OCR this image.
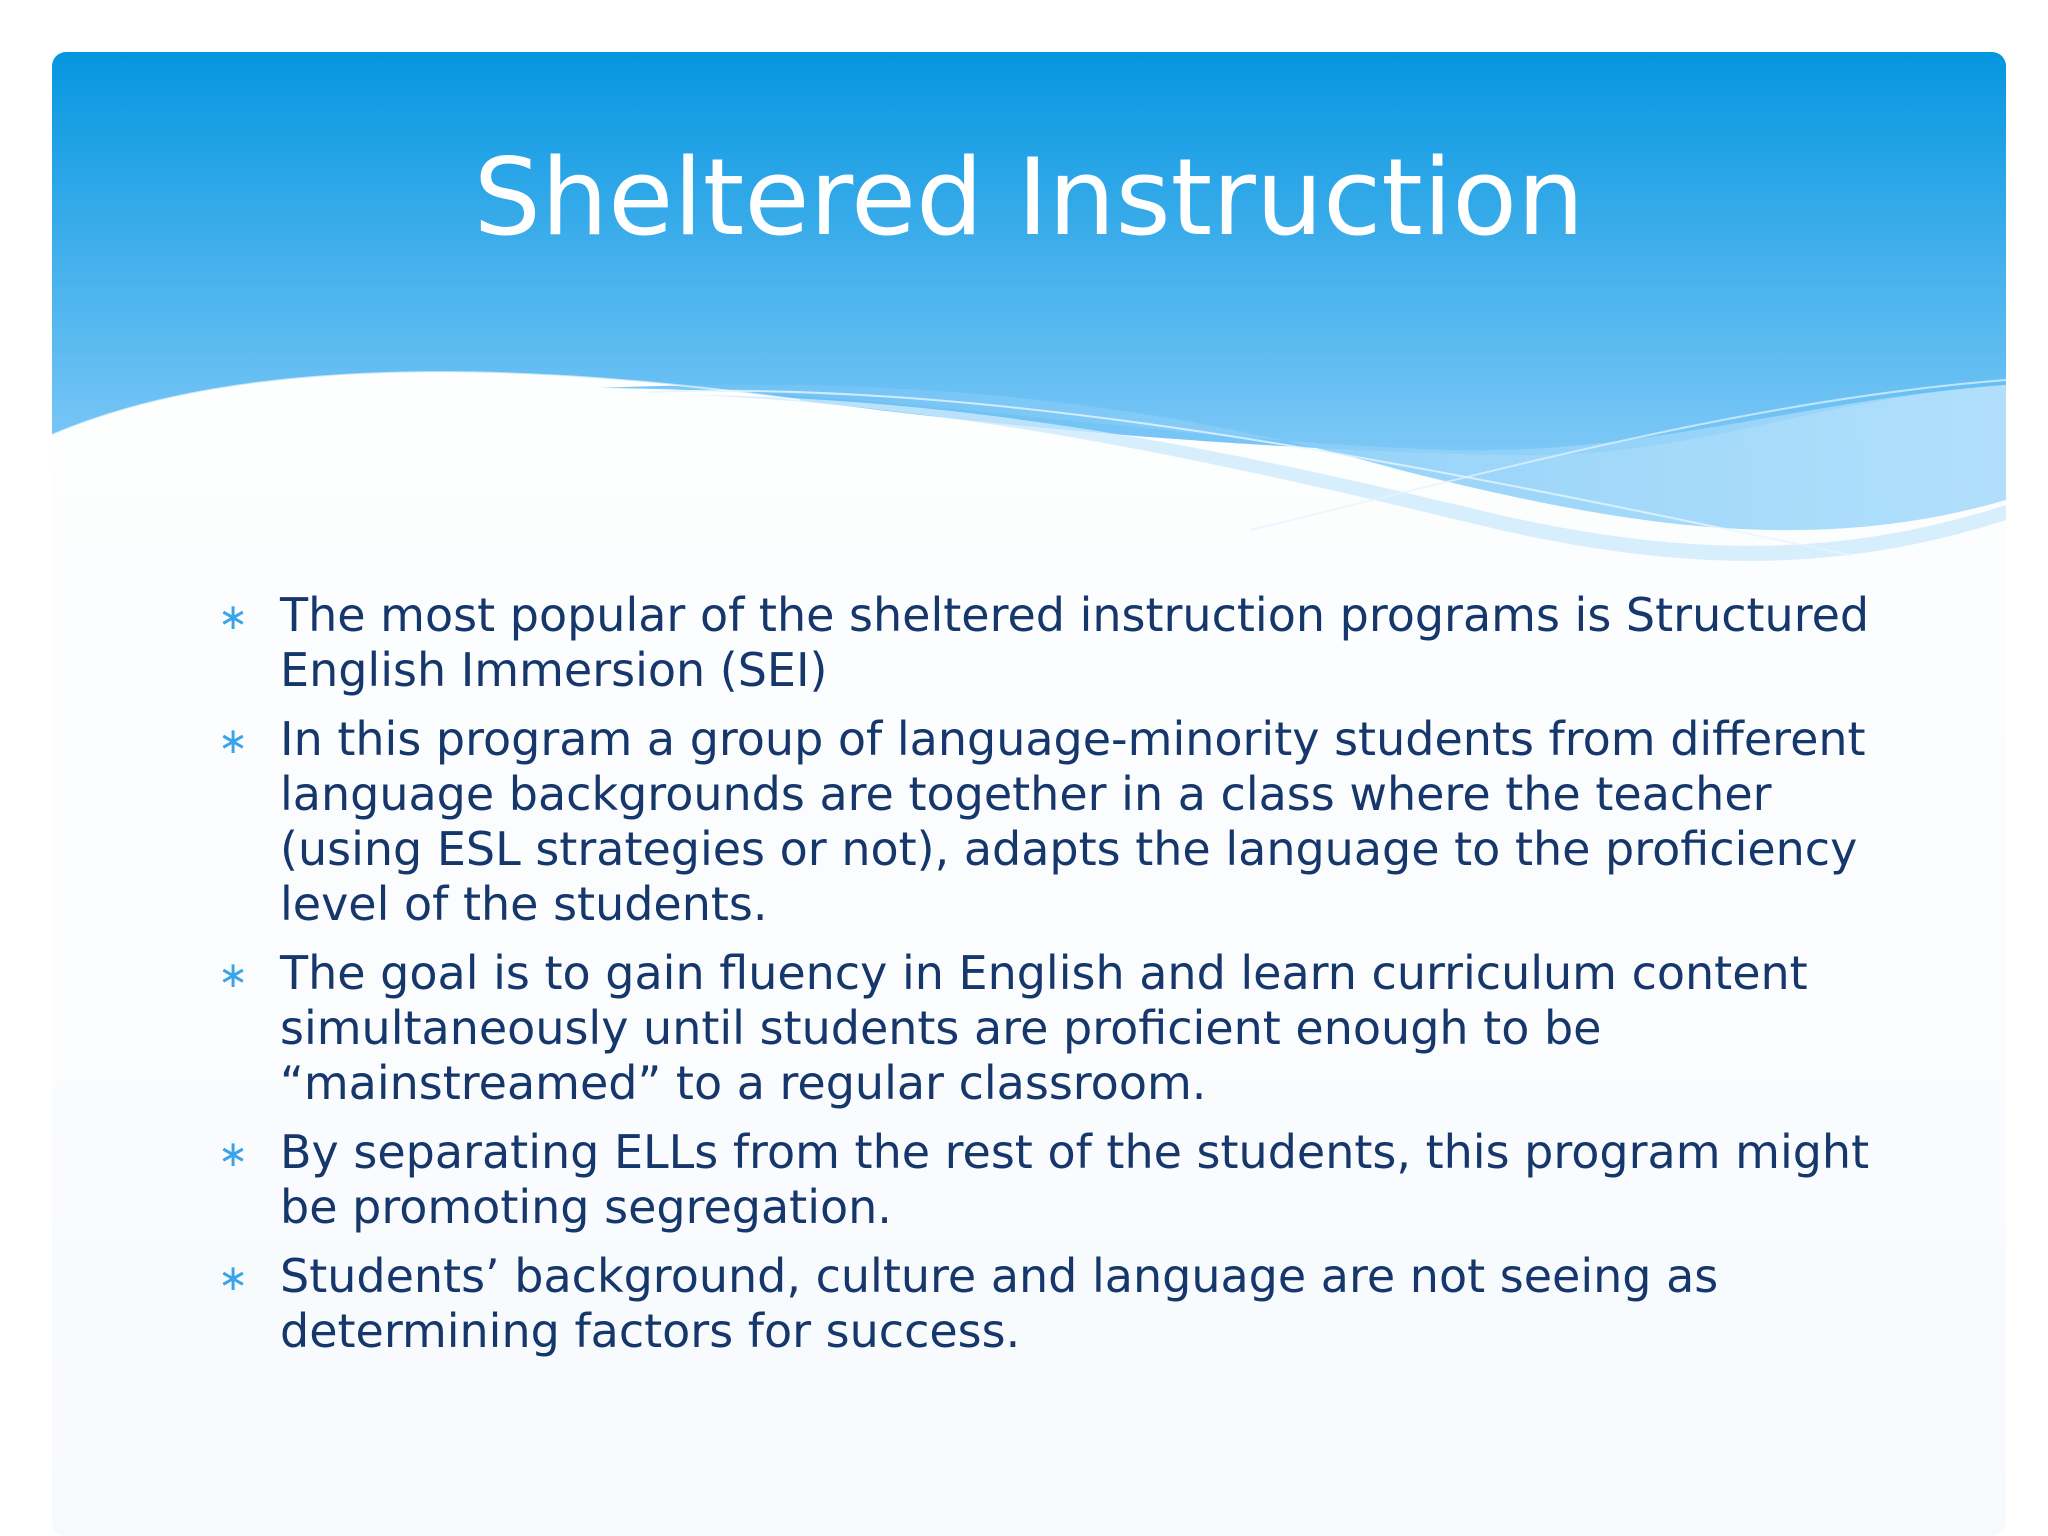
Sheltered Instruction
∗ The most popular of the sheltered instruction programs is Structured English Immersion (SEI)
∗ In this program a group of language-minority students from different language backgrounds are together in a class where the teacher (using ESL strategies or not), adapts the language to the proficiency level of the students.
∗ The goal is to gain fluency in English and learn curriculum content simultaneously until students are proficient enough to be “mainstreamed” to a regular classroom.
∗ By separating ELLs from the rest of the students, this program might be promoting segregation.
∗ Students’ background, culture and language are not seeing as determining factors for success.
